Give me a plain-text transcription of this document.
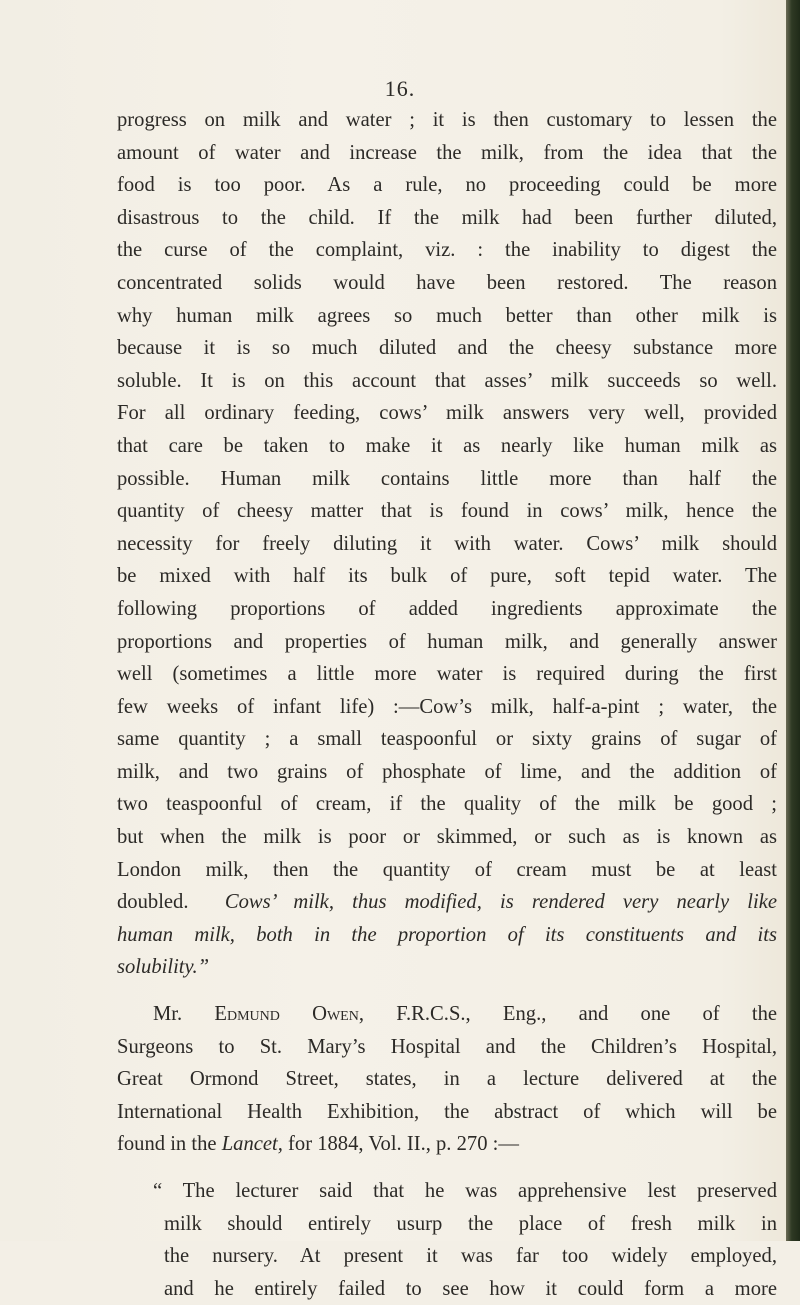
16.

progress on milk and water ; it is then customary to lessen the
amount of water and increase the milk, from the idea that the
food is too poor. As a rule, no proceeding could be more
disastrous to the child. If the milk had been further diluted,
the curse of the complaint, viz. : the inability to digest the
concentrated solids would have been restored. The reason
why human milk agrees so much better than other milk is
because it is so much diluted and the cheesy substance more
soluble. It is on this account that asses’ milk succeeds so well.
For all ordinary feeding, cows’ milk answers very well, provided
that care be taken to make it as nearly like human milk as
possible. Human milk contains little more than half the
quantity of cheesy matter that is found in cows’ milk, hence the
necessity for freely diluting it with water. Cows’ milk should
be mixed with half its bulk of pure, soft tepid water. The
following proportions of added ingredients approximate the
proportions and properties of human milk, and generally answer
well (sometimes a little more water is required during the first
few weeks of infant life) :—Cow’s milk, half-a-pint ; water, the
same quantity ; a small teaspoonful or sixty grains of sugar of
milk, and two grains of phosphate of lime, and the addition of
two teaspoonful of cream, if the quality of the milk be good ;
but when the milk is poor or skimmed, or such as is known as
London milk, then the quantity of cream must be at least
doubled. Cows’ milk, thus modified, is rendered very nearly like
human milk, both in the proportion of its constituents and its
solubility.”

Mr. Edmund Owen, F.R.C.S., Eng., and one of the
Surgeons to St. Mary’s Hospital and the Children’s Hospital,
Great Ormond Street, states, in a lecture delivered at the
International Health Exhibition, the abstract of which will be
found in the Lancet, for 1884, Vol. II., p. 270 :—

“ The lecturer said that he was apprehensive lest preserved
milk should entirely usurp the place of fresh milk in
the nursery. At present it was far too widely employed,
and he entirely failed to see how it could form a more
